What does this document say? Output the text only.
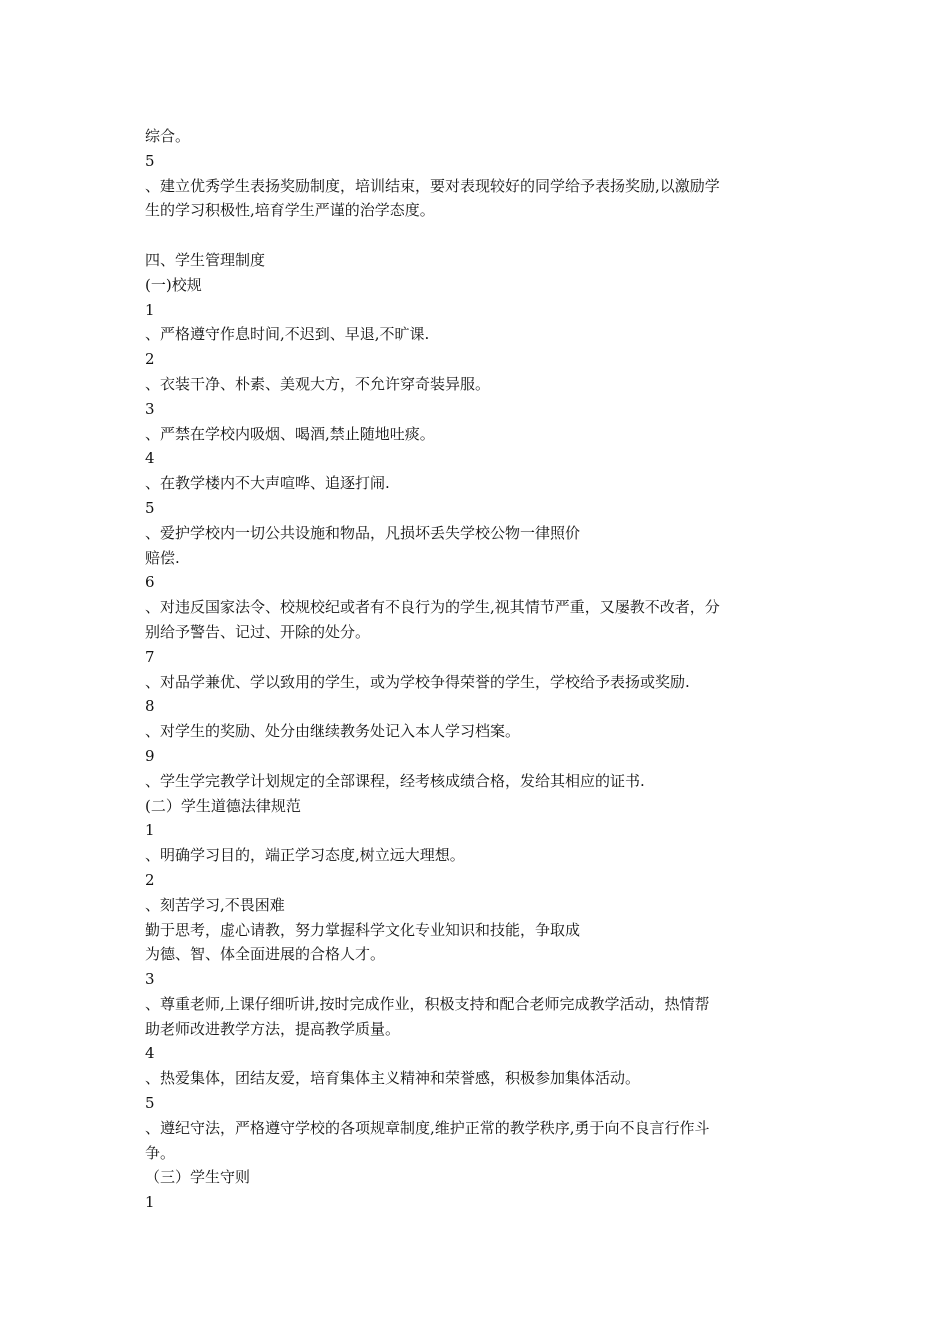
综合。
5
、建立优秀学生表扬奖励制度，培训结束，要对表现较好的同学给予表扬奖励,以激励学
生的学习积极性,培育学生严谨的治学态度。
四、学生管理制度
(一)校规
1
、严格遵守作息时间,不迟到、早退,不旷课.
2
、衣装干净、朴素、美观大方，不允许穿奇装异服。
3
、严禁在学校内吸烟、喝酒,禁止随地吐痰。
4
、在教学楼内不大声喧哗、追逐打闹.
5
、爱护学校内一切公共设施和物品，凡损坏丢失学校公物一律照价
赔偿.
6
、对违反国家法令、校规校纪或者有不良行为的学生,视其情节严重，又屡教不改者，分
别给予警告、记过、开除的处分。
7
、对品学兼优、学以致用的学生，或为学校争得荣誉的学生，学校给予表扬或奖励.
8
、对学生的奖励、处分由继续教务处记入本人学习档案。
9
、学生学完教学计划规定的全部课程，经考核成绩合格，发给其相应的证书.
(二）学生道德法律规范
1
、明确学习目的，端正学习态度,树立远大理想。
2
、刻苦学习,不畏困难
勤于思考，虚心请教，努力掌握科学文化专业知识和技能，争取成
为德、智、体全面进展的合格人才。
3
、尊重老师,上课仔细听讲,按时完成作业，积极支持和配合老师完成教学活动，热情帮
助老师改进教学方法，提高教学质量。
4
、热爱集体，团结友爱，培育集体主义精神和荣誉感，积极参加集体活动。
5
、遵纪守法，严格遵守学校的各项规章制度,维护正常的教学秩序,勇于向不良言行作斗
争。
（三）学生守则
1
